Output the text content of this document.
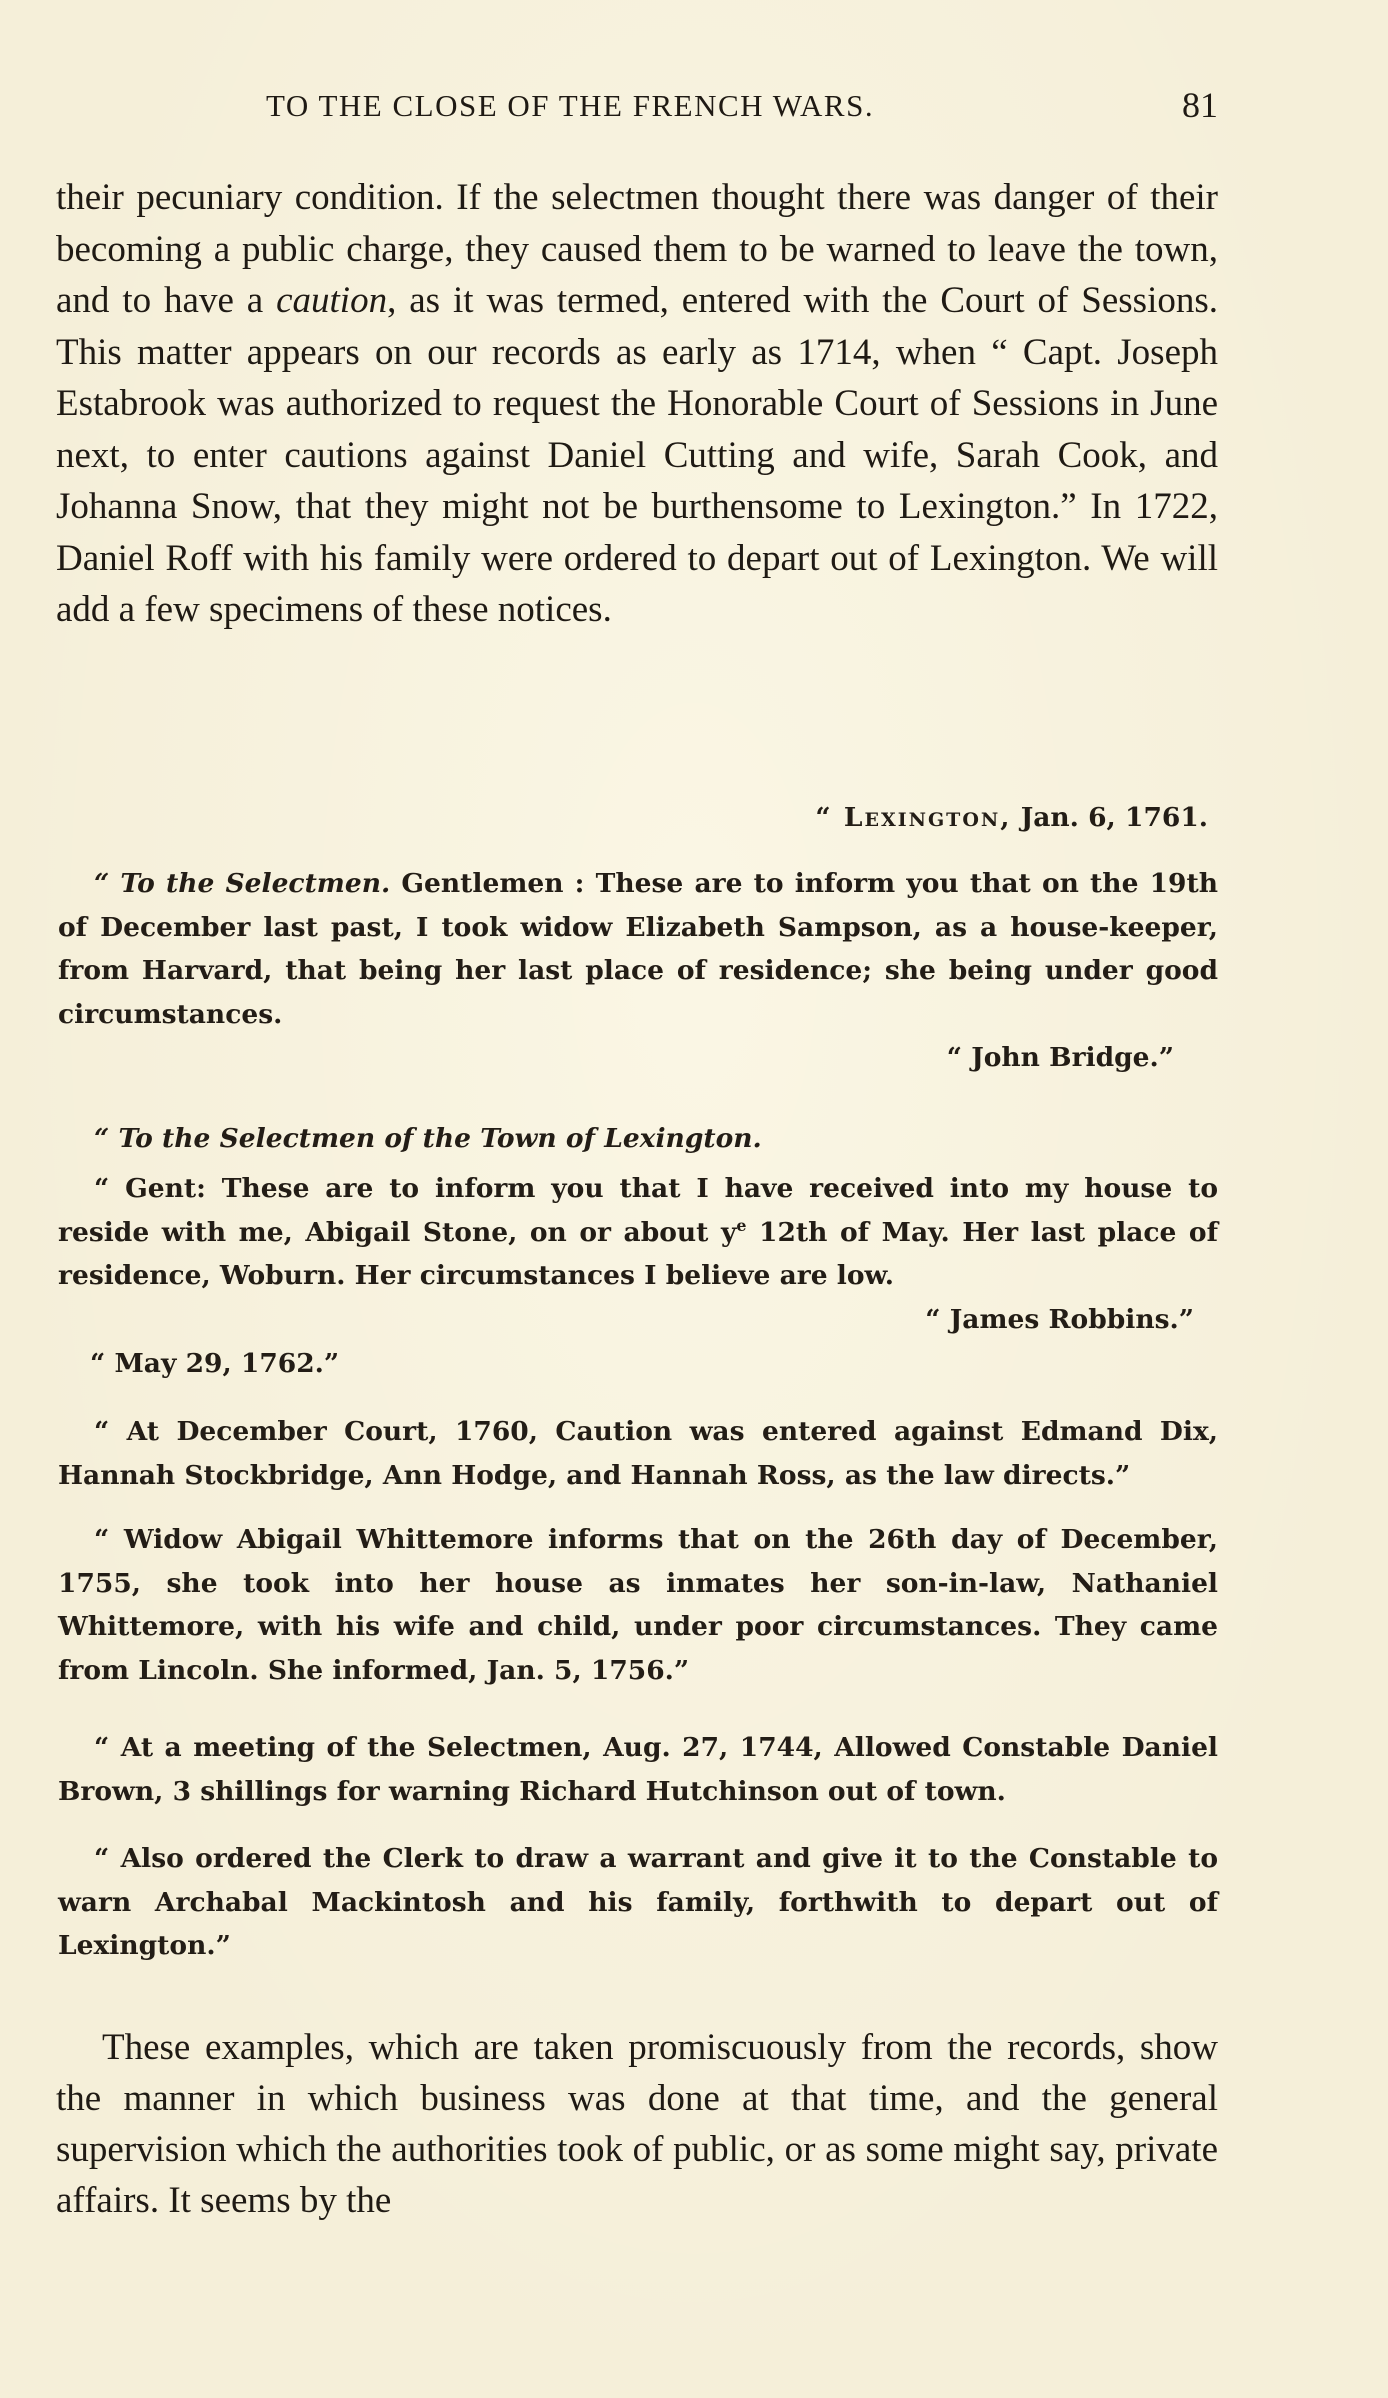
TO THE CLOSE OF THE FRENCH WARS.	81

their pecuniary condition. If the selectmen thought there was danger of their becoming a public charge, they caused them to be warned to leave the town, and to have a caution, as it was termed, entered with the Court of Sessions. This matter appears on our records as early as 1714, when “ Capt. Joseph Estabrook was authorized to request the Honorable Court of Sessions in June next, to enter cautions against Daniel Cutting and wife, Sarah Cook, and Johanna Snow, that they might not be burthensome to Lexington.” In 1722, Daniel Roff with his family were ordered to depart out of Lexington. We will add a few specimens of these notices.

“ Lexington, Jan. 6, 1761.
“ To the Selectmen. Gentlemen : These are to inform you that on the 19th of December last past, I took widow Elizabeth Sampson, as a house-keeper, from Harvard, that being her last place of residence; she being under good circumstances.
“ John Bridge.”
“ To the Selectmen of the Town of Lexington.
“ Gent: These are to inform you that I have received into my house to reside with me, Abigail Stone, on or about $y^e$ 12th of May. Her last place of residence, Woburn. Her circumstances I believe are low.
“ James Robbins.”
“ May 29, 1762.”
“ At December Court, 1760, Caution was entered against Edmand Dix, Hannah Stockbridge, Ann Hodge, and Hannah Ross, as the law directs.”
“ Widow Abigail Whittemore informs that on the 26th day of December, 1755, she took into her house as inmates her son-in-law, Nathaniel Whittemore, with his wife and child, under poor circumstances. They came from Lincoln. She informed, Jan. 5, 1756.”
“ At a meeting of the Selectmen, Aug. 27, 1744, Allowed Constable Daniel Brown, 3 shillings for warning Richard Hutchinson out of town.
“ Also ordered the Clerk to draw a warrant and give it to the Constable to warn Archabal Mackintosh and his family, forthwith to depart out of Lexington.”

These examples, which are taken promiscuously from the records, show the manner in which business was done at that time, and the general supervision which the authorities took of public, or as some might say, private affairs. It seems by the
